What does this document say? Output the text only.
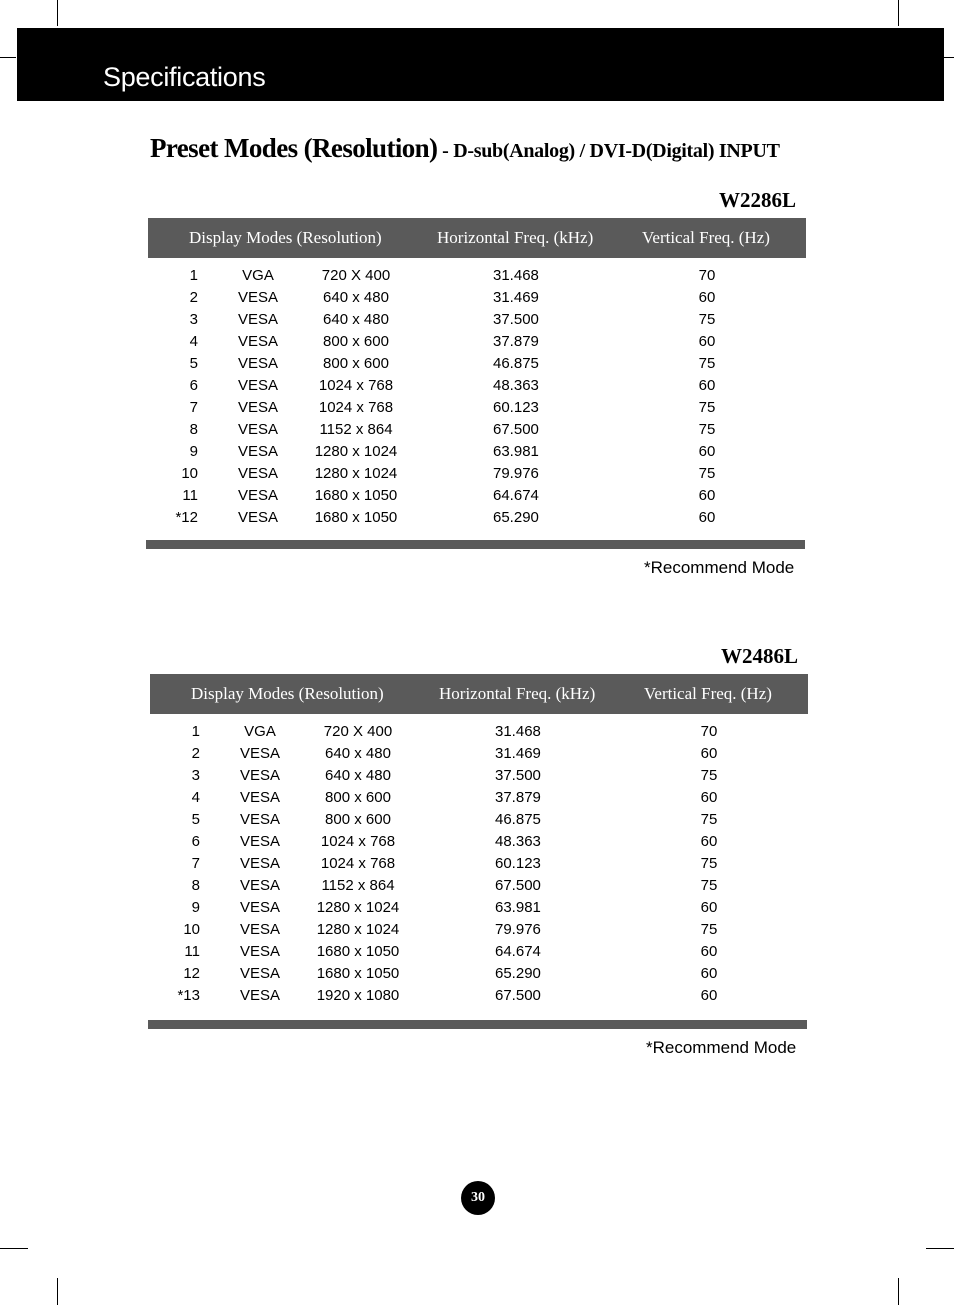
Specifications
Preset Modes (Resolution) - D-sub(Analog) / DVI-D(Digital) INPUT
W2286L
Display Modes (Resolution)	Horizontal Freq. (kHz)	Vertical Freq. (Hz)
1	VGA	720 X 400	31.468	70
2	VESA	640 x 480	31.469	60
3	VESA	640 x 480	37.500	75
4	VESA	800 x 600	37.879	60
5	VESA	800 x 600	46.875	75
6	VESA	1024 x 768	48.363	60
7	VESA	1024 x 768	60.123	75
8	VESA	1152 x 864	67.500	75
9	VESA	1280 x 1024	63.981	60
10	VESA	1280 x 1024	79.976	75
11	VESA	1680 x 1050	64.674	60
*12	VESA	1680 x 1050	65.290	60
*Recommend Mode
W2486L
Display Modes (Resolution)	Horizontal Freq. (kHz)	Vertical Freq. (Hz)
1	VGA	720 X 400	31.468	70
2	VESA	640 x 480	31.469	60
3	VESA	640 x 480	37.500	75
4	VESA	800 x 600	37.879	60
5	VESA	800 x 600	46.875	75
6	VESA	1024 x 768	48.363	60
7	VESA	1024 x 768	60.123	75
8	VESA	1152 x 864	67.500	75
9	VESA	1280 x 1024	63.981	60
10	VESA	1280 x 1024	79.976	75
11	VESA	1680 x 1050	64.674	60
12	VESA	1680 x 1050	65.290	60
*13	VESA	1920 x 1080	67.500	60
*Recommend Mode
30
